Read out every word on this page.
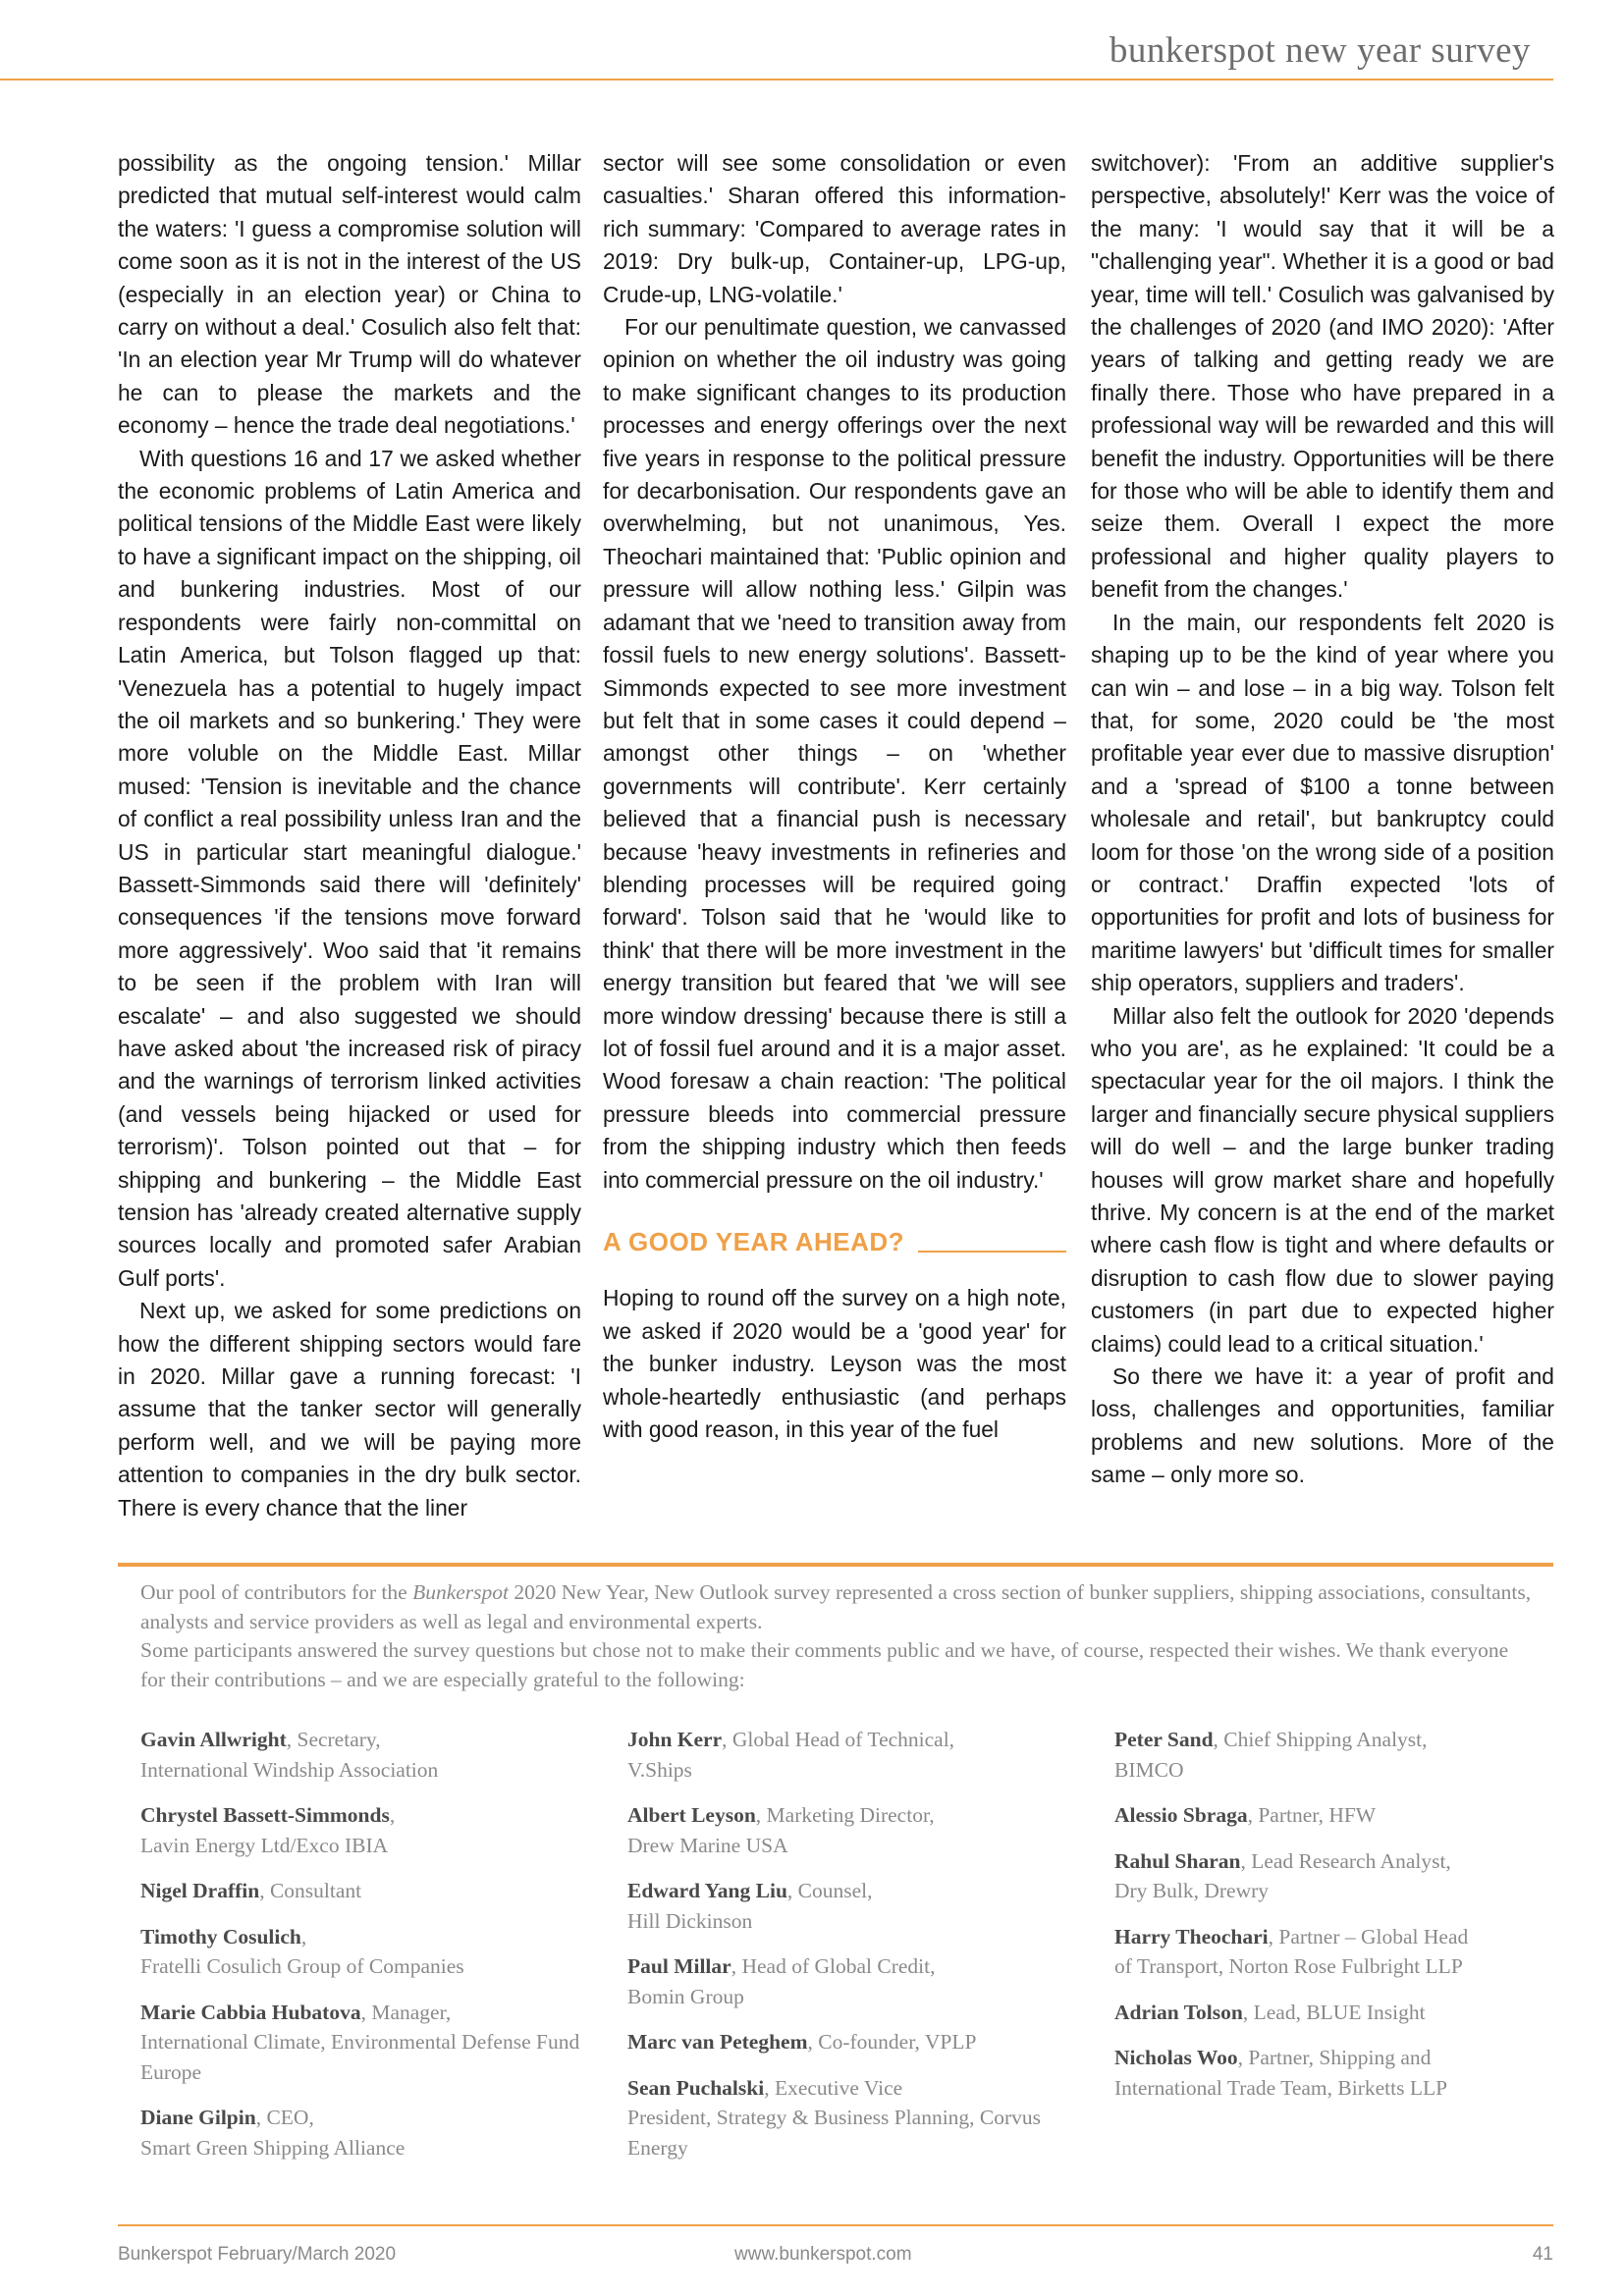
bunkerspot new year survey

possibility as the ongoing tension.' Millar predicted that mutual self-interest would calm the waters: 'I guess a compromise solution will come soon as it is not in the interest of the US (especially in an election year) or China to carry on without a deal.' Cosulich also felt that: 'In an election year Mr Trump will do whatever he can to please the markets and the economy – hence the trade deal negotiations.'

With questions 16 and 17 we asked whether the economic problems of Latin America and political tensions of the Middle East were likely to have a significant impact on the shipping, oil and bunkering industries. Most of our respondents were fairly non-committal on Latin America, but Tolson flagged up that: 'Venezuela has a potential to hugely impact the oil markets and so bunkering.' They were more voluble on the Middle East. Millar mused: 'Tension is inevitable and the chance of conflict a real possibility unless Iran and the US in particular start meaningful dialogue.' Bassett-Simmonds said there will 'definitely' consequences 'if the tensions move forward more aggressively'. Woo said that 'it remains to be seen if the problem with Iran will escalate' – and also suggested we should have asked about 'the increased risk of piracy and the warnings of terrorism linked activities (and vessels being hijacked or used for terrorism)'. Tolson pointed out that – for shipping and bunkering – the Middle East tension has 'already created alternative supply sources locally and promoted safer Arabian Gulf ports'.

Next up, we asked for some predictions on how the different shipping sectors would fare in 2020. Millar gave a running forecast: 'I assume that the tanker sector will generally perform well, and we will be paying more attention to companies in the dry bulk sector. There is every chance that the liner

sector will see some consolidation or even casualties.' Sharan offered this information-rich summary: 'Compared to average rates in 2019: Dry bulk-up, Container-up, LPG-up, Crude-up, LNG-volatile.'

For our penultimate question, we canvassed opinion on whether the oil industry was going to make significant changes to its production processes and energy offerings over the next five years in response to the political pressure for decarbonisation. Our respondents gave an overwhelming, but not unanimous, Yes. Theochari maintained that: 'Public opinion and pressure will allow nothing less.' Gilpin was adamant that we 'need to transition away from fossil fuels to new energy solutions'. Bassett-Simmonds expected to see more investment but felt that in some cases it could depend – amongst other things – on 'whether governments will contribute'. Kerr certainly believed that a financial push is necessary because 'heavy investments in refineries and blending processes will be required going forward'. Tolson said that he 'would like to think' that there will be more investment in the energy transition but feared that 'we will see more window dressing' because there is still a lot of fossil fuel around and it is a major asset. Wood foresaw a chain reaction: 'The political pressure bleeds into commercial pressure from the shipping industry which then feeds into commercial pressure on the oil industry.'

A GOOD YEAR AHEAD?

Hoping to round off the survey on a high note, we asked if 2020 would be a 'good year' for the bunker industry. Leyson was the most whole-heartedly enthusiastic (and perhaps with good reason, in this year of the fuel

switchover): 'From an additive supplier's perspective, absolutely!' Kerr was the voice of the many: 'I would say that it will be a "challenging year". Whether it is a good or bad year, time will tell.' Cosulich was galvanised by the challenges of 2020 (and IMO 2020): 'After years of talking and getting ready we are finally there. Those who have prepared in a professional way will be rewarded and this will benefit the industry. Opportunities will be there for those who will be able to identify them and seize them. Overall I expect the more professional and higher quality players to benefit from the changes.'

In the main, our respondents felt 2020 is shaping up to be the kind of year where you can win – and lose – in a big way. Tolson felt that, for some, 2020 could be 'the most profitable year ever due to massive disruption' and a 'spread of $100 a tonne between wholesale and retail', but bankruptcy could loom for those 'on the wrong side of a position or contract.' Draffin expected 'lots of opportunities for profit and lots of business for maritime lawyers' but 'difficult times for smaller ship operators, suppliers and traders'.

Millar also felt the outlook for 2020 'depends who you are', as he explained: 'It could be a spectacular year for the oil majors. I think the larger and financially secure physical suppliers will do well – and the large bunker trading houses will grow market share and hopefully thrive. My concern is at the end of the market where cash flow is tight and where defaults or disruption to cash flow due to slower paying customers (in part due to expected higher claims) could lead to a critical situation.'

So there we have it: a year of profit and loss, challenges and opportunities, familiar problems and new solutions. More of the same – only more so.

Our pool of contributors for the Bunkerspot 2020 New Year, New Outlook survey represented a cross section of bunker suppliers, shipping associations, consultants, analysts and service providers as well as legal and environmental experts.

Some participants answered the survey questions but chose not to make their comments public and we have, of course, respected their wishes. We thank everyone for their contributions – and we are especially grateful to the following:

Gavin Allwright, Secretary,
International Windship Association
Chrystel Bassett-Simmonds,
Lavin Energy Ltd/Exco IBIA
Nigel Draffin, Consultant
Timothy Cosulich,
Fratelli Cosulich Group of Companies
Marie Cabbia Hubatova, Manager,
International Climate, Environmental Defense Fund Europe
Diane Gilpin, CEO,
Smart Green Shipping Alliance
John Kerr, Global Head of Technical,
V.Ships
Albert Leyson, Marketing Director,
Drew Marine USA
Edward Yang Liu, Counsel,
Hill Dickinson
Paul Millar, Head of Global Credit,
Bomin Group
Marc van Peteghem, Co-founder, VPLP
Sean Puchalski, Executive Vice
President, Strategy & Business Planning, Corvus Energy
Peter Sand, Chief Shipping Analyst,
BIMCO
Alessio Sbraga, Partner, HFW
Rahul Sharan, Lead Research Analyst,
Dry Bulk, Drewry
Harry Theochari, Partner – Global Head
of Transport, Norton Rose Fulbright LLP
Adrian Tolson, Lead, BLUE Insight
Nicholas Woo, Partner, Shipping and
International Trade Team, Birketts LLP
Bunkerspot February/March 2020	www.bunkerspot.com	41
